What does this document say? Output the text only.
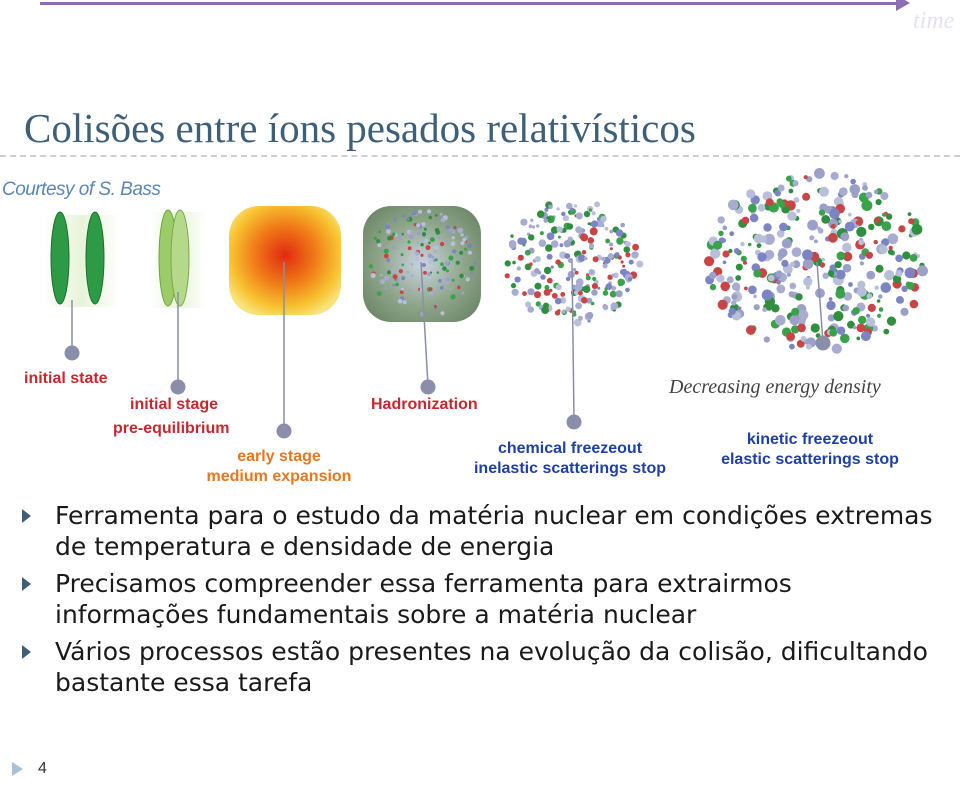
time
Colisões entre íons pesados relativísticos
Courtesy of S. Bass
initial state
initial stage
pre-equilibrium
early stage
medium expansion
Hadronization
chemical freezeout
inelastic scatterings stop
kinetic freezeout
elastic scatterings stop
Decreasing energy density
Ferramenta para o estudo da matéria nuclear em condições extremas de temperatura e densidade de energia
Precisamos compreender essa ferramenta para extrairmos informações fundamentais sobre a matéria nuclear
Vários processos estão presentes na evolução da colisão, dificultando bastante essa tarefa
4
